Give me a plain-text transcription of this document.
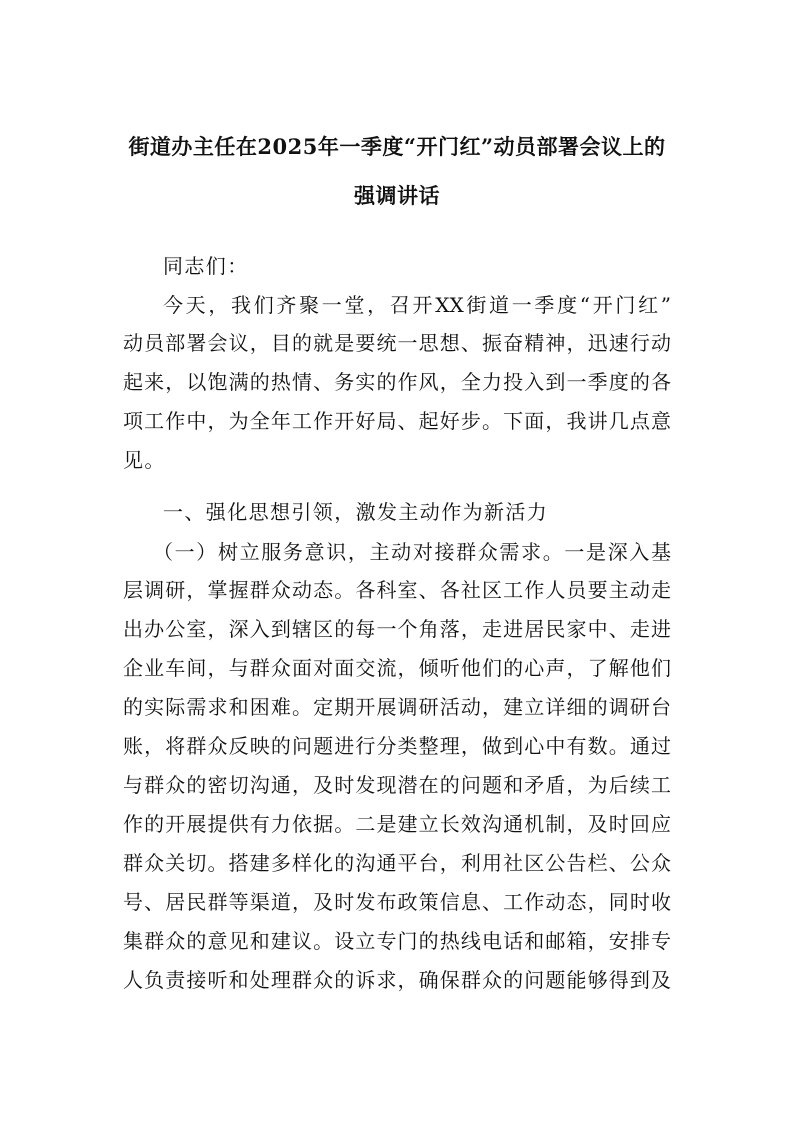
街道办主任在2025年一季度“开门红”动员部署会议上的
强调讲话
同志们：
今天，我们齐聚一堂，召开XX街道一季度“开门红”
动员部署会议，目的就是要统一思想、振奋精神，迅速行动
起来，以饱满的热情、务实的作风，全力投入到一季度的各
项工作中，为全年工作开好局、起好步。下面，我讲几点意
见。
一、强化思想引领，激发主动作为新活力
（一）树立服务意识，主动对接群众需求。一是深入基
层调研，掌握群众动态。各科室、各社区工作人员要主动走
出办公室，深入到辖区的每一个角落，走进居民家中、走进
企业车间，与群众面对面交流，倾听他们的心声，了解他们
的实际需求和困难。定期开展调研活动，建立详细的调研台
账，将群众反映的问题进行分类整理，做到心中有数。通过
与群众的密切沟通，及时发现潜在的问题和矛盾，为后续工
作的开展提供有力依据。二是建立长效沟通机制，及时回应
群众关切。搭建多样化的沟通平台，利用社区公告栏、公众
号、居民群等渠道，及时发布政策信息、工作动态，同时收
集群众的意见和建议。设立专门的热线电话和邮箱，安排专
人负责接听和处理群众的诉求，确保群众的问题能够得到及
